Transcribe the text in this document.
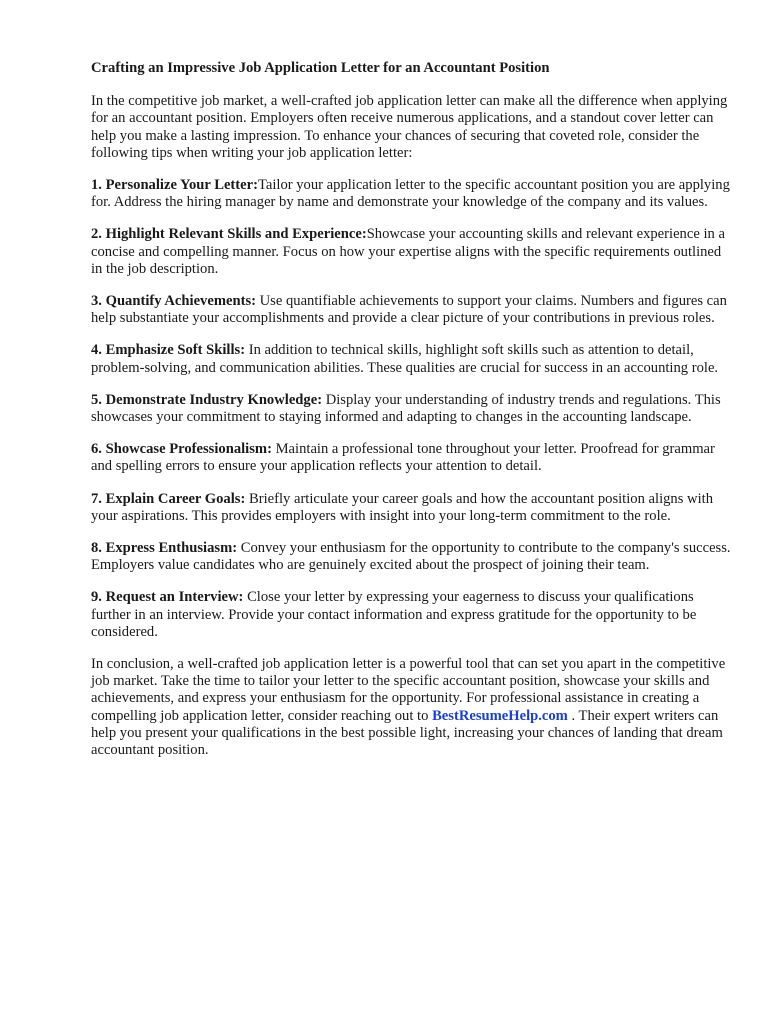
Crafting an Impressive Job Application Letter for an Accountant Position

In the competitive job market, a well-crafted job application letter can make all the difference when applying for an accountant position. Employers often receive numerous applications, and a standout cover letter can help you make a lasting impression. To enhance your chances of securing that coveted role, consider the following tips when writing your job application letter:

1. Personalize Your Letter:Tailor your application letter to the specific accountant position you are applying for. Address the hiring manager by name and demonstrate your knowledge of the company and its values.

2. Highlight Relevant Skills and Experience:Showcase your accounting skills and relevant experience in a concise and compelling manner. Focus on how your expertise aligns with the specific requirements outlined in the job description.

3. Quantify Achievements: Use quantifiable achievements to support your claims. Numbers and figures can help substantiate your accomplishments and provide a clear picture of your contributions in previous roles.

4. Emphasize Soft Skills: In addition to technical skills, highlight soft skills such as attention to detail, problem-solving, and communication abilities. These qualities are crucial for success in an accounting role.

5. Demonstrate Industry Knowledge: Display your understanding of industry trends and regulations. This showcases your commitment to staying informed and adapting to changes in the accounting landscape.

6. Showcase Professionalism: Maintain a professional tone throughout your letter. Proofread for grammar and spelling errors to ensure your application reflects your attention to detail.

7. Explain Career Goals: Briefly articulate your career goals and how the accountant position aligns with your aspirations. This provides employers with insight into your long-term commitment to the role.

8. Express Enthusiasm: Convey your enthusiasm for the opportunity to contribute to the company's success. Employers value candidates who are genuinely excited about the prospect of joining their team.

9. Request an Interview: Close your letter by expressing your eagerness to discuss your qualifications further in an interview. Provide your contact information and express gratitude for the opportunity to be considered.

In conclusion, a well-crafted job application letter is a powerful tool that can set you apart in the competitive job market. Take the time to tailor your letter to the specific accountant position, showcase your skills and achievements, and express your enthusiasm for the opportunity. For professional assistance in creating a compelling job application letter, consider reaching out to BestResumeHelp.com . Their expert writers can help you present your qualifications in the best possible light, increasing your chances of landing that dream accountant position.
